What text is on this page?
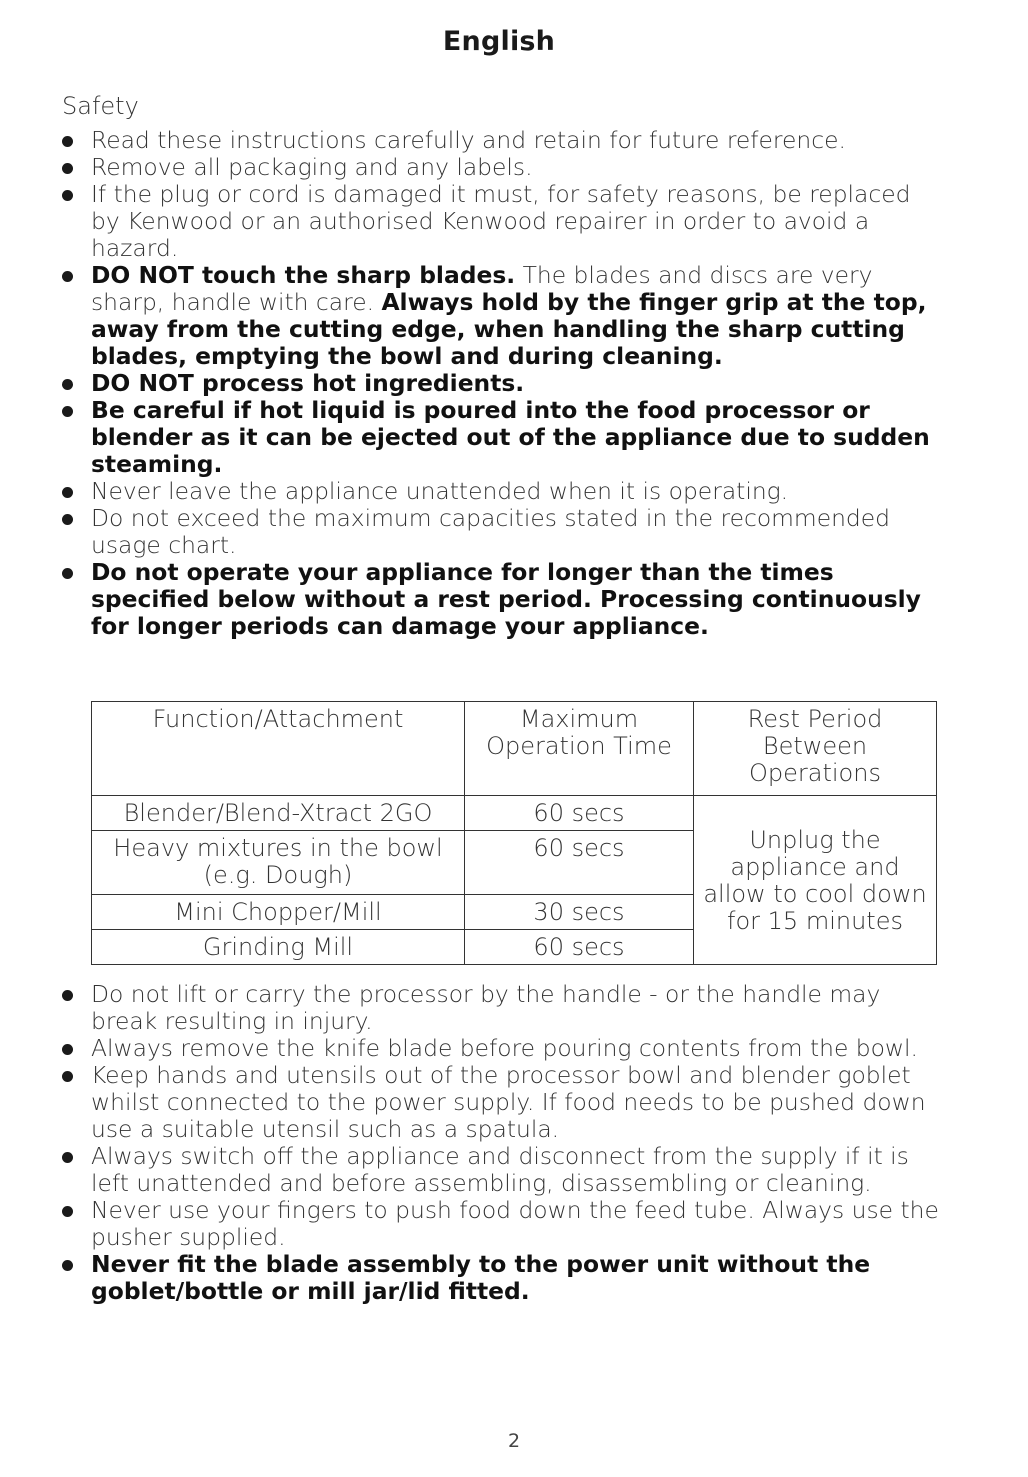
English
Safety
Read these instructions carefully and retain for future reference.
Remove all packaging and any labels.
If the plug or cord is damaged it must, for safety reasons, be replaced by Kenwood or an authorised Kenwood repairer in order to avoid a hazard.
DO NOT touch the sharp blades. The blades and discs are very sharp, handle with care. Always hold by the finger grip at the top, away from the cutting edge, when handling the sharp cutting blades, emptying the bowl and during cleaning.
DO NOT process hot ingredients.
Be careful if hot liquid is poured into the food processor or blender as it can be ejected out of the appliance due to sudden steaming.
Never leave the appliance unattended when it is operating.
Do not exceed the maximum capacities stated in the recommended usage chart.
Do not operate your appliance for longer than the times specified below without a rest period. Processing continuously for longer periods can damage your appliance.
Function/Attachment	Maximum Operation Time	Rest Period Between Operations
Blender/Blend-Xtract 2GO	60 secs	Unplug the appliance and allow to cool down for 15 minutes
Heavy mixtures in the bowl (e.g. Dough)	60 secs	
Mini Chopper/Mill	30 secs	
Grinding Mill	60 secs	
Do not lift or carry the processor by the handle - or the handle may break resulting in injury.
Always remove the knife blade before pouring contents from the bowl.
Keep hands and utensils out of the processor bowl and blender goblet whilst connected to the power supply. If food needs to be pushed down use a suitable utensil such as a spatula.
Always switch off the appliance and disconnect from the supply if it is left unattended and before assembling, disassembling or cleaning.
Never use your fingers to push food down the feed tube. Always use the pusher supplied.
Never fit the blade assembly to the power unit without the goblet/bottle or mill jar/lid fitted.
2
